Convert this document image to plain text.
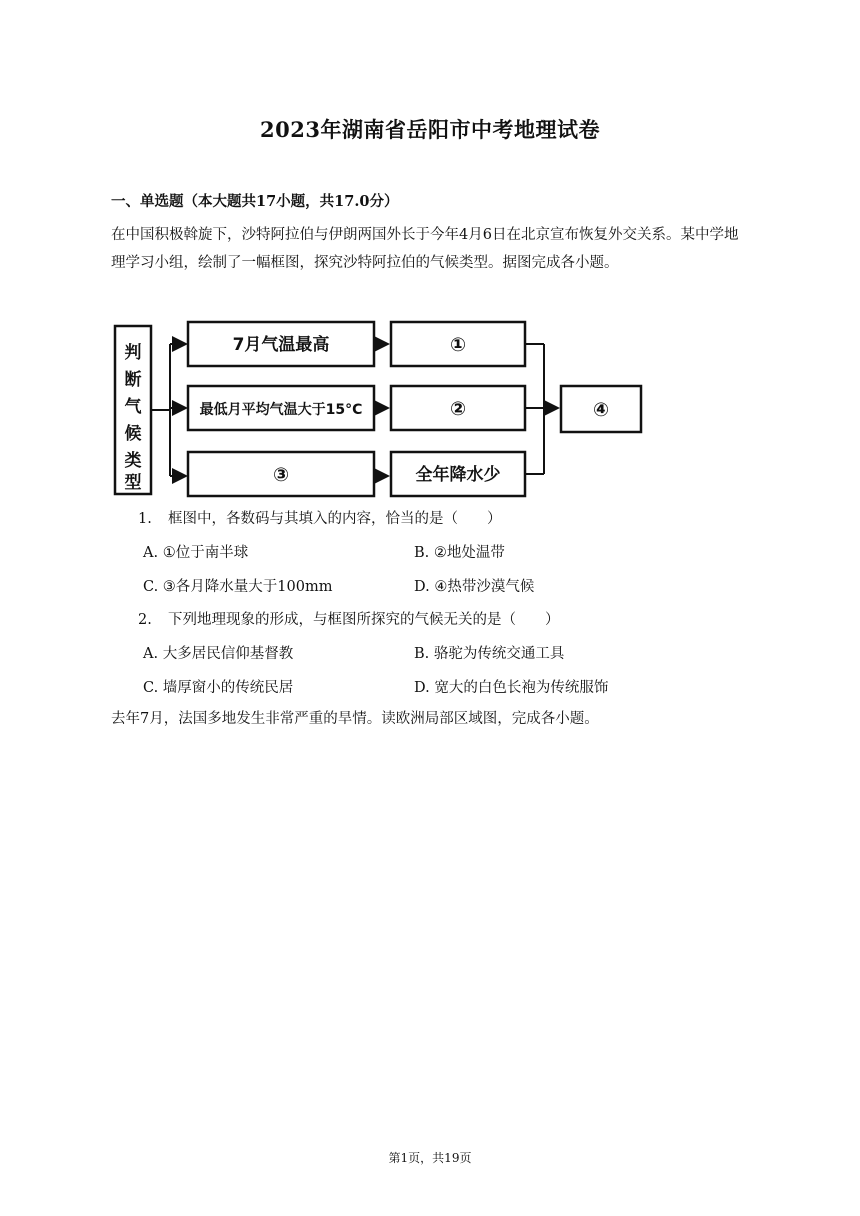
2023年湖南省岳阳市中考地理试卷
一、单选题（本大题共17小题，共17.0分）
在中国积极斡旋下，沙特阿拉伯与伊朗两国外长于今年4月6日在北京宣布恢复外交关系。某中学地理学习小组，绘制了一幅框图，探究沙特阿拉伯的气候类型。据图完成各小题。
判
断
气
候
类
型
7月气温最高
最低月平均气温大于15°C
③
①
②
全年降水少
④
1. 框图中，各数码与其填入的内容，恰当的是（　　）
A. ①位于南半球	B. ②地处温带
C. ③各月降水量大于100mm	D. ④热带沙漠气候
2. 下列地理现象的形成，与框图所探究的气候无关的是（　　）
A. 大多居民信仰基督教	B. 骆驼为传统交通工具
C. 墙厚窗小的传统民居	D. 宽大的白色长袍为传统服饰
去年7月，法国多地发生非常严重的旱情。读欧洲局部区域图，完成各小题。
第1页，共19页
